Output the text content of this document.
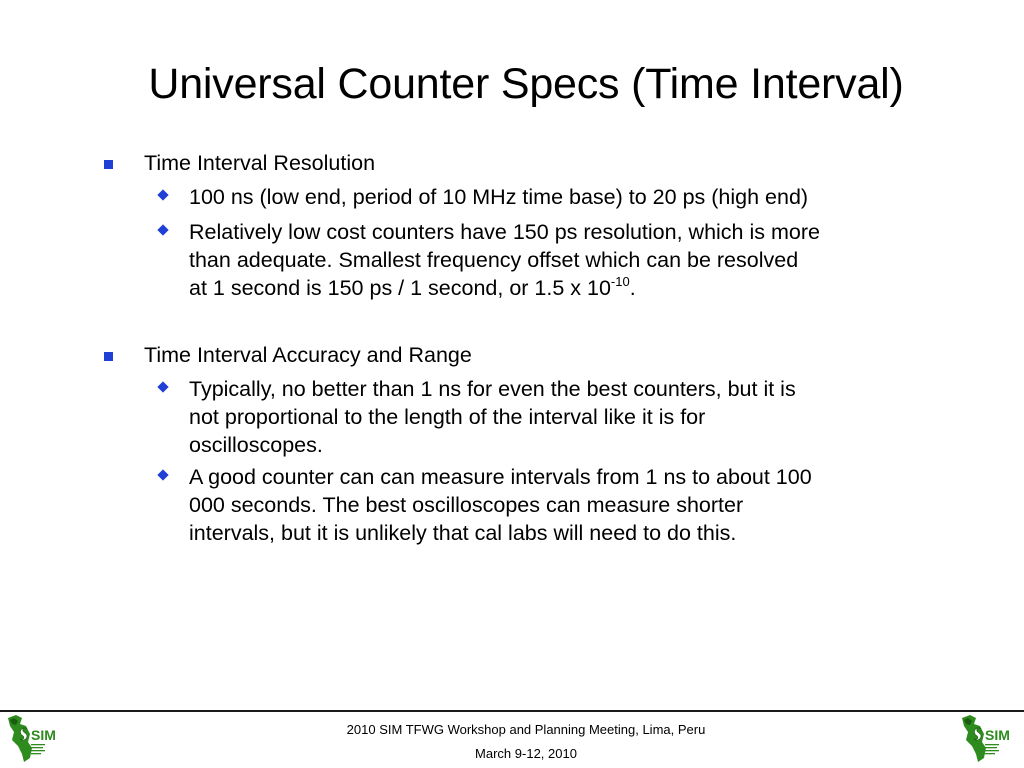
Universal Counter Specs (Time Interval)
Time Interval Resolution
100 ns (low end, period of 10 MHz time base) to 20 ps (high end)
Relatively low cost counters have 150 ps resolution, which is more
than adequate. Smallest frequency offset which can be resolved
at 1 second is 150 ps / 1 second, or 1.5 x $10^{-10}$.
Time Interval Accuracy and Range
Typically, no better than 1 ns for even the best counters, but it is
not proportional to the length of the interval like it is for
oscilloscopes.
A good counter can can measure intervals from 1 ns to about 100
000 seconds. The best oscilloscopes can measure shorter
intervals, but it is unlikely that cal labs will need to do this.
2010 SIM TFWG Workshop and Planning Meeting, Lima, Peru
March 9-12, 2010
SIM	SIM
